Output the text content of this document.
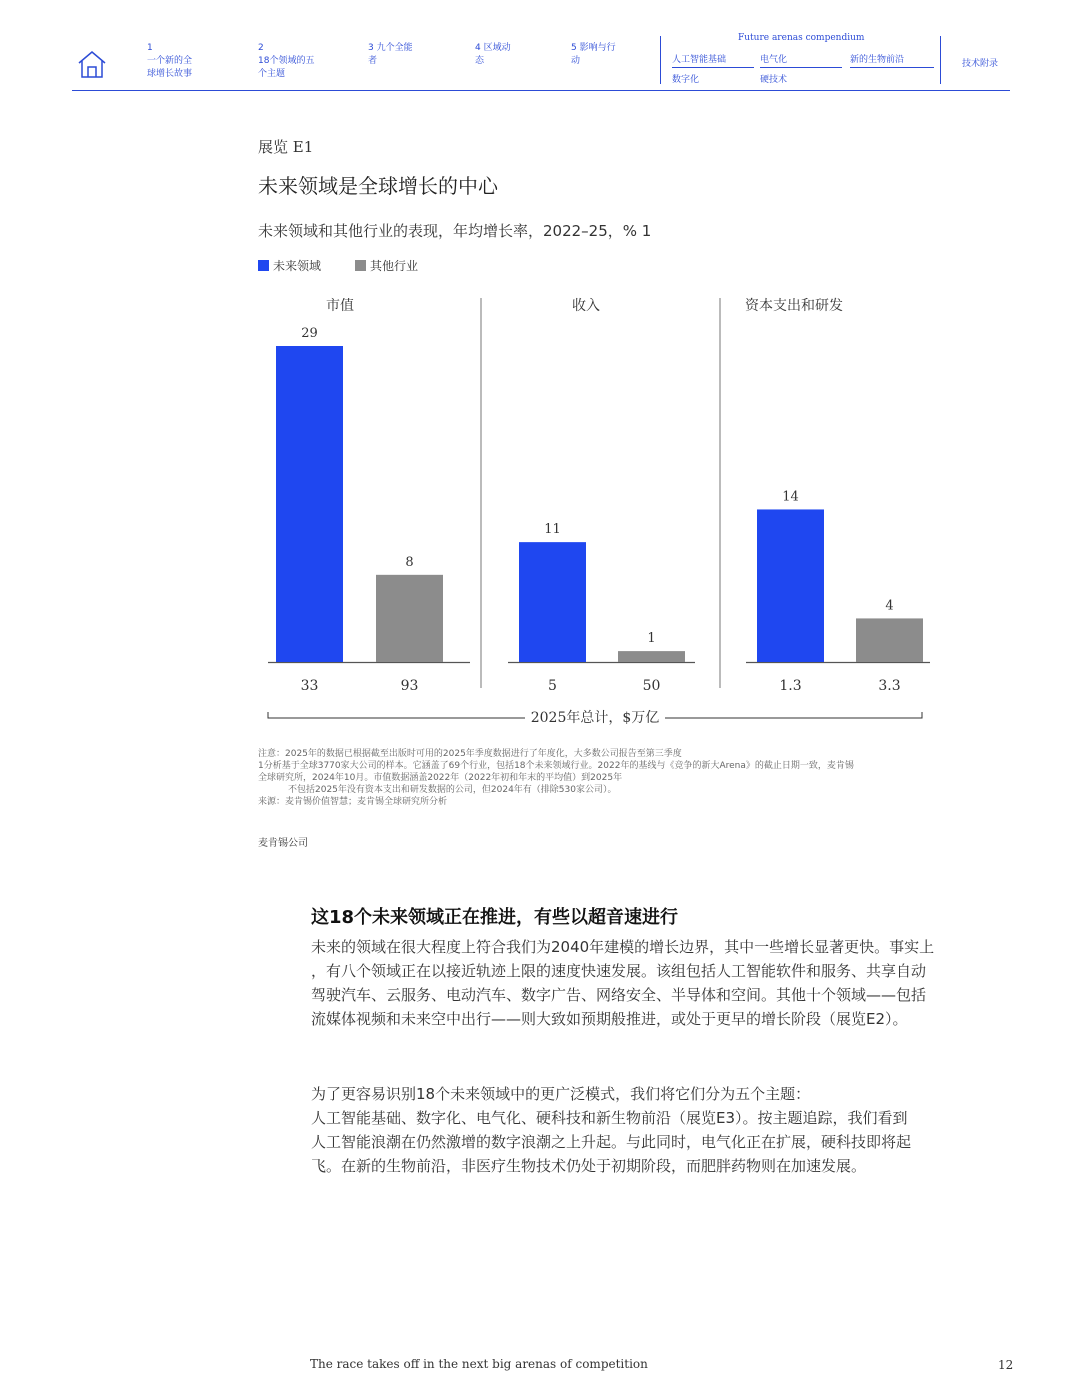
1
一个新的全
球增长故事
2
18个领域的五
个主题
3 九个全能
者
4 区域动
态
5 影响与行
动
Future arenas compendium
人工智能基础	电气化	新的生物前沿
数字化	硬技术
技术附录
展览 E1
未来领域是全球增长的中心
未来领域和其他行业的表现，年均增长率，2022–25，% 1
未来领域	其他行业
市值
29
33
8
93
收入
11
5
1
50
资本支出和研发
14
1.3
4
3.3
2025年总计，$万亿
注意：2025年的数据已根据截至出版时可用的2025年季度数据进行了年度化，大多数公司报告至第三季度
1分析基于全球3770家大公司的样本。它涵盖了69个行业，包括18个未来领域行业。2022年的基线与《竞争的新大Arena》的截止日期一致，麦肯锡
全球研究所，2024年10月。市值数据涵盖2022年（2022年初和年末的平均值）到2025年
不包括2025年没有资本支出和研发数据的公司，但2024年有（排除530家公司）。
来源：麦肯锡价值智慧；麦肯锡全球研究所分析
麦肯锡公司
这18个未来领域正在推进，有些以超音速进行
未来的领域在很大程度上符合我们为2040年建模的增长边界，其中一些增长显著更快。事实上
，有八个领域正在以接近轨迹上限的速度快速发展。该组包括人工智能软件和服务、共享自动
驾驶汽车、云服务、电动汽车、数字广告、网络安全、半导体和空间。其他十个领域——包括
流媒体视频和未来空中出行——则大致如预期般推进，或处于更早的增长阶段（展览E2）。
为了更容易识别18个未来领域中的更广泛模式，我们将它们分为五个主题：
人工智能基础、数字化、电气化、硬科技和新生物前沿（展览E3）。按主题追踪，我们看到
人工智能浪潮在仍然激增的数字浪潮之上升起。与此同时，电气化正在扩展，硬科技即将起
飞。在新的生物前沿，非医疗生物技术仍处于初期阶段，而肥胖药物则在加速发展。
The race takes off in the next big arenas of competition	12
